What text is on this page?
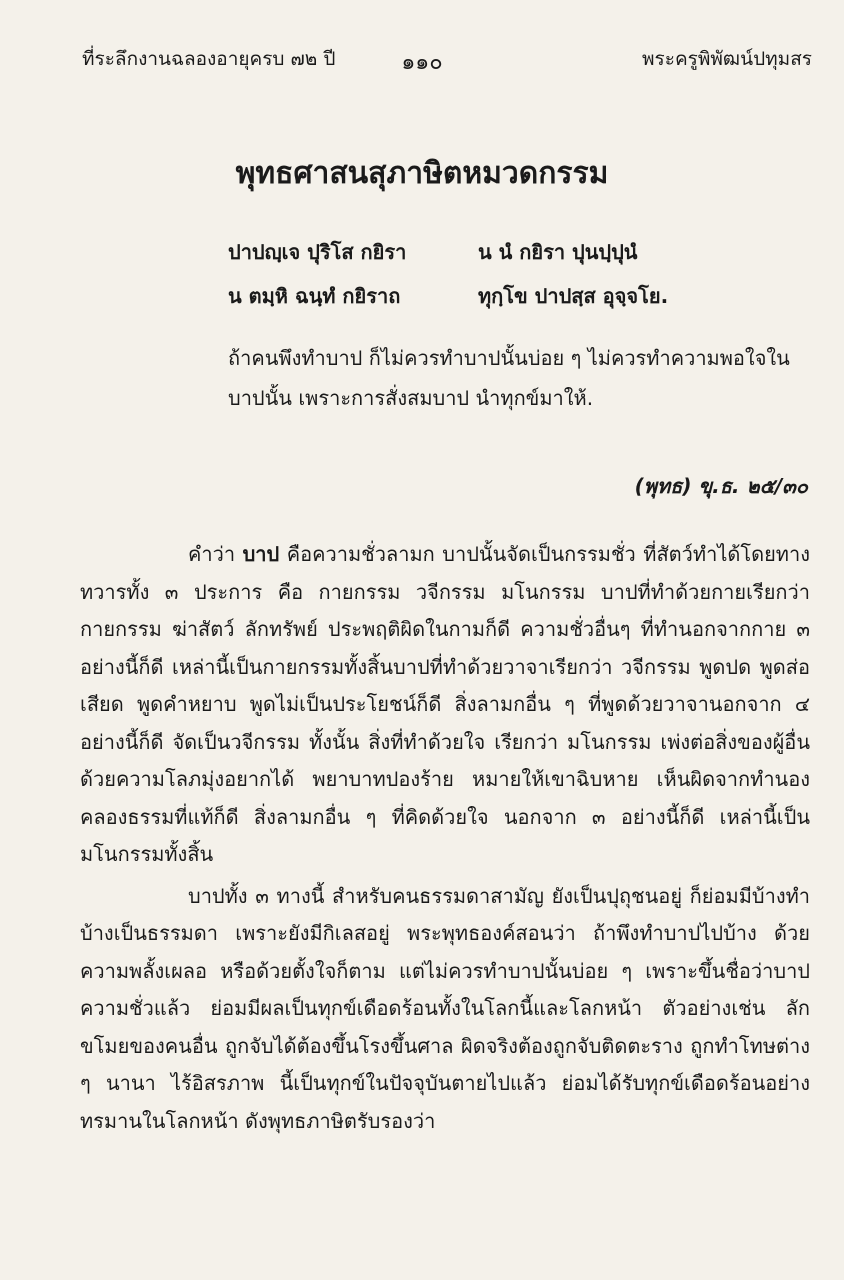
ที่ระลึกงานฉลองอายุครบ ๗๒ ปี	๑๑๐	พระครูพิพัฒน์ปทุมสร
พุทธศาสนสุภาษิตหมวดกรรม
ปาปญฺเจ ปุริโส กยิรา	น นํ กยิรา ปุนปฺปุนํ
น ตมฺหิ ฉนฺทํ กยิราถ	ทุกฺโข ปาปสฺส อุจฺจโย.
ถ้าคนพึงทำบาป ก็ไม่ควรทำบาปนั้นบ่อย ๆ ไม่ควรทำความพอใจในบาปนั้น เพราะการสั่งสมบาป นำทุกข์มาให้.
(พุทธ) ขุ.ธ. ๒๕/๓๐

คำว่า บาป คือความชั่วลามก บาปนั้นจัดเป็นกรรมชั่ว ที่สัตว์ทำได้โดยทางทวารทั้ง ๓ ประการ คือ กายกรรม วจีกรรม มโนกรรม บาปที่ทำด้วยกายเรียกว่า กายกรรม ฆ่าสัตว์ ลักทรัพย์ ประพฤติผิดในกามก็ดี ความชั่วอื่นๆ ที่ทำนอกจากกาย ๓ อย่างนี้ก็ดี เหล่านี้เป็นกายกรรมทั้งสิ้นบาปที่ทำด้วยวาจาเรียกว่า วจีกรรม พูดปด พูดส่อเสียด พูดคำหยาบ พูดไม่เป็นประโยชน์ก็ดี สิ่งลามกอื่น ๆ ที่พูดด้วยวาจานอกจาก ๔ อย่างนี้ก็ดี จัดเป็นวจีกรรม ทั้งนั้น สิ่งที่ทำด้วยใจ เรียกว่า มโนกรรม เพ่งต่อสิ่งของผู้อื่น ด้วยความโลภมุ่งอยากได้ พยาบาทปองร้าย หมายให้เขาฉิบหาย เห็นผิดจากทำนองคลองธรรมที่แท้ก็ดี สิ่งลามกอื่น ๆ ที่คิดด้วยใจ นอกจาก ๓ อย่างนี้ก็ดี เหล่านี้เป็นมโนกรรมทั้งสิ้น

บาปทั้ง ๓ ทางนี้ สำหรับคนธรรมดาสามัญ ยังเป็นปุถุชนอยู่ ก็ย่อมมีบ้างทำบ้างเป็นธรรมดา เพราะยังมีกิเลสอยู่ พระพุทธองค์สอนว่า ถ้าพึงทำบาปไปบ้าง ด้วยความพลั้งเผลอ หรือด้วยตั้งใจก็ตาม แต่ไม่ควรทำบาปนั้นบ่อย ๆ เพราะขึ้นชื่อว่าบาป ความชั่วแล้ว ย่อมมีผลเป็นทุกข์เดือดร้อนทั้งในโลกนี้และโลกหน้า ตัวอย่างเช่น ลักขโมยของคนอื่น ถูกจับได้ต้องขึ้นโรงขึ้นศาล ผิดจริงต้องถูกจับติดตะราง ถูกทำโทษต่าง ๆ นานา ไร้อิสรภาพ นี้เป็นทุกข์ในปัจจุบันตายไปแล้ว ย่อมได้รับทุกข์เดือดร้อนอย่างทรมานในโลกหน้า ดังพุทธภาษิตรับรองว่า
